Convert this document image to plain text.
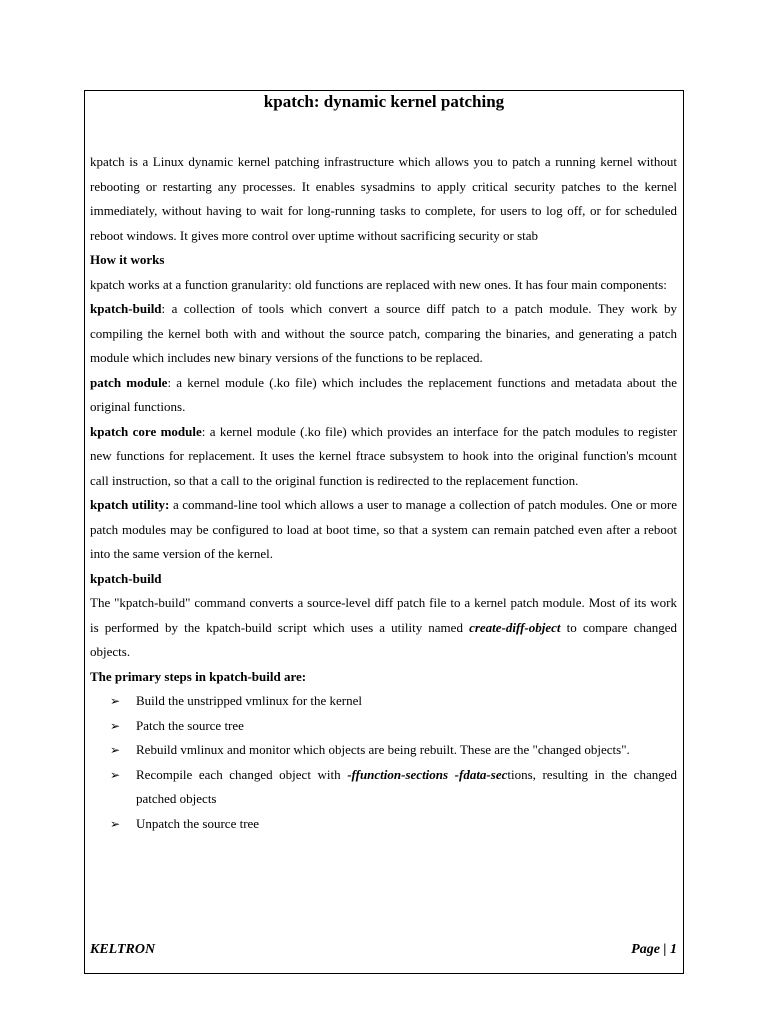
kpatch: dynamic kernel patching

kpatch is a Linux dynamic kernel patching infrastructure which allows you to patch a running kernel without rebooting or restarting any processes. It enables sysadmins to apply critical security patches to the kernel immediately, without having to wait for long-running tasks to complete, for users to log off, or for scheduled reboot windows. It gives more control over uptime without sacrificing security or stab

How it works

kpatch works at a function granularity: old functions are replaced with new ones. It has four main components:

kpatch-build: a collection of tools which convert a source diff patch to a patch module. They work by compiling the kernel both with and without the source patch, comparing the binaries, and generating a patch module which includes new binary versions of the functions to be replaced.

patch module: a kernel module (.ko file) which includes the replacement functions and metadata about the original functions.

kpatch core module: a kernel module (.ko file) which provides an interface for the patch modules to register new functions for replacement. It uses the kernel ftrace subsystem to hook into the original function's mcount call instruction, so that a call to the original function is redirected to the replacement function.

kpatch utility: a command-line tool which allows a user to manage a collection of patch modules. One or more patch modules may be configured to load at boot time, so that a system can remain patched even after a reboot into the same version of the kernel.

kpatch-build

The "kpatch-build" command converts a source-level diff patch file to a kernel patch module. Most of its work is performed by the kpatch-build script which uses a utility named create-diff-object to compare changed objects.

The primary steps in kpatch-build are:

➢	Build the unstripped vmlinux for the kernel
➢	Patch the source tree
➢	Rebuild vmlinux and monitor which objects are being rebuilt. These are the "changed objects".
➢	Recompile each changed object with -ffunction-sections -fdata-sections, resulting in the changed patched objects
➢	Unpatch the source tree
KELTRON	Page | 1
